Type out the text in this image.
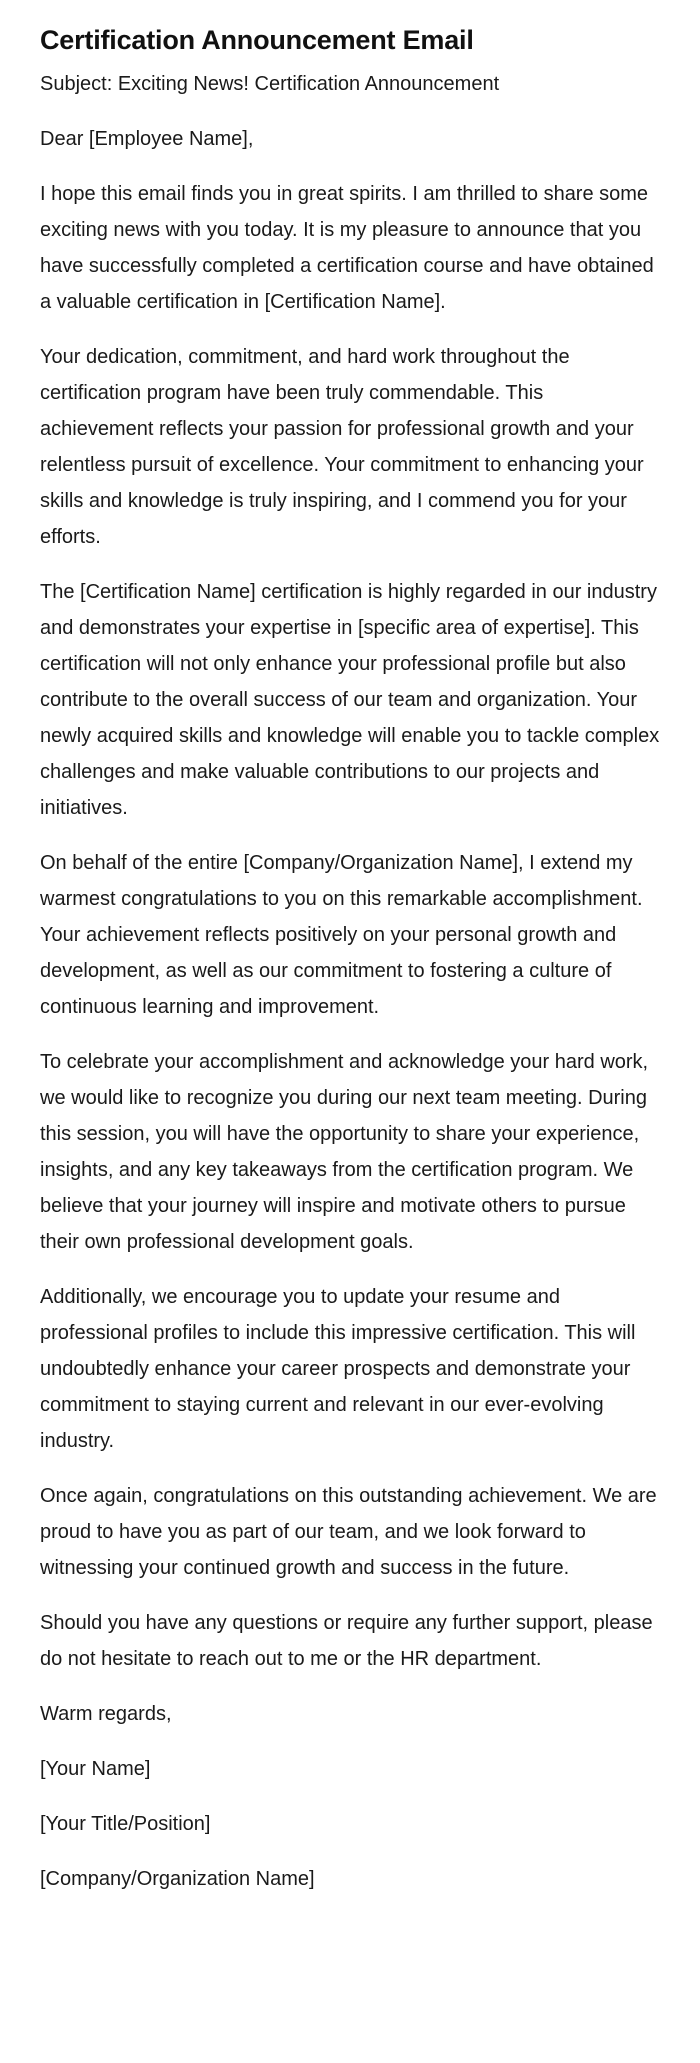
Certification Announcement Email

Subject: Exciting News! Certification Announcement

Dear [Employee Name],

I hope this email finds you in great spirits. I am thrilled to share some exciting news with you today. It is my pleasure to announce that you have successfully completed a certification course and have obtained a valuable certification in [Certification Name].

Your dedication, commitment, and hard work throughout the certification program have been truly commendable. This achievement reflects your passion for professional growth and your relentless pursuit of excellence. Your commitment to enhancing your skills and knowledge is truly inspiring, and I commend you for your efforts.

The [Certification Name] certification is highly regarded in our industry and demonstrates your expertise in [specific area of expertise]. This certification will not only enhance your professional profile but also contribute to the overall success of our team and organization. Your newly acquired skills and knowledge will enable you to tackle complex challenges and make valuable contributions to our projects and initiatives.

On behalf of the entire [Company/Organization Name], I extend my warmest congratulations to you on this remarkable accomplishment. Your achievement reflects positively on your personal growth and development, as well as our commitment to fostering a culture of continuous learning and improvement.

To celebrate your accomplishment and acknowledge your hard work, we would like to recognize you during our next team meeting. During this session, you will have the opportunity to share your experience, insights, and any key takeaways from the certification program. We believe that your journey will inspire and motivate others to pursue their own professional development goals.

Additionally, we encourage you to update your resume and professional profiles to include this impressive certification. This will undoubtedly enhance your career prospects and demonstrate your commitment to staying current and relevant in our ever-evolving industry.

Once again, congratulations on this outstanding achievement. We are proud to have you as part of our team, and we look forward to witnessing your continued growth and success in the future.

Should you have any questions or require any further support, please do not hesitate to reach out to me or the HR department.

Warm regards,

[Your Name]

[Your Title/Position]

[Company/Organization Name]
